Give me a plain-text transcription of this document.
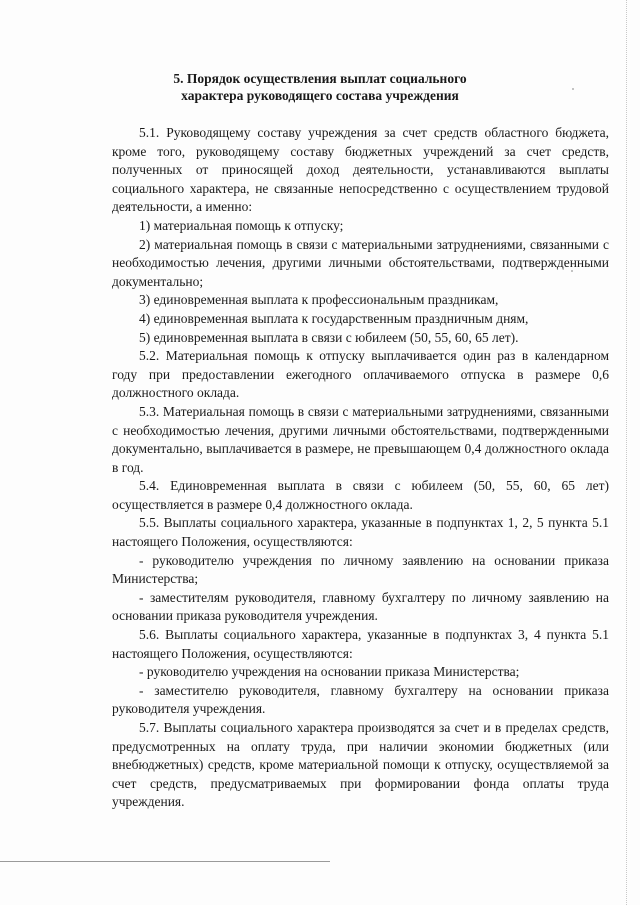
5. Порядок осуществления выплат социального
характера руководящего состава учреждения

5.1. Руководящему составу учреждения за счет средств областного бюджета, кроме того, руководящему составу бюджетных учреждений за счет средств, полученных от приносящей доход деятельности, устанавливаются выплаты социального характера, не связанные непосредственно с осуществлением трудовой деятельности, а именно:

1) материальная помощь к отпуску;

2) материальная помощь в связи с материальными затруднениями, связанными с необходимостью лечения, другими личными обстоятельствами, подтвержденными документально;

3) единовременная выплата к профессиональным праздникам,

4) единовременная выплата к государственным праздничным дням,

5) единовременная выплата в связи с юбилеем (50, 55, 60, 65 лет).

5.2. Материальная помощь к отпуску выплачивается один раз в календарном году при предоставлении ежегодного оплачиваемого отпуска в размере 0,6 должностного оклада.

5.3. Материальная помощь в связи с материальными затруднениями, связанными с необходимостью лечения, другими личными обстоятельствами, подтвержденными документально, выплачивается в размере, не превышающем 0,4 должностного оклада в год.

5.4. Единовременная выплата в связи с юбилеем (50, 55, 60, 65 лет) осуществляется в размере 0,4 должностного оклада.

5.5. Выплаты социального характера, указанные в подпунктах 1, 2, 5 пункта 5.1 настоящего Положения, осуществляются:

- руководителю учреждения по личному заявлению на основании приказа Министерства;

- заместителям руководителя, главному бухгалтеру по личному заявлению на основании приказа руководителя учреждения.

5.6. Выплаты социального характера, указанные в подпунктах 3, 4 пункта 5.1 настоящего Положения, осуществляются:

- руководителю учреждения на основании приказа Министерства;

- заместителю руководителя, главному бухгалтеру на основании приказа руководителя учреждения.

5.7. Выплаты социального характера производятся за счет и в пределах средств, предусмотренных на оплату труда, при наличии экономии бюджетных (или внебюджетных) средств, кроме материальной помощи к отпуску, осуществляемой за счет средств, предусматриваемых при формировании фонда оплаты труда учреждения.
